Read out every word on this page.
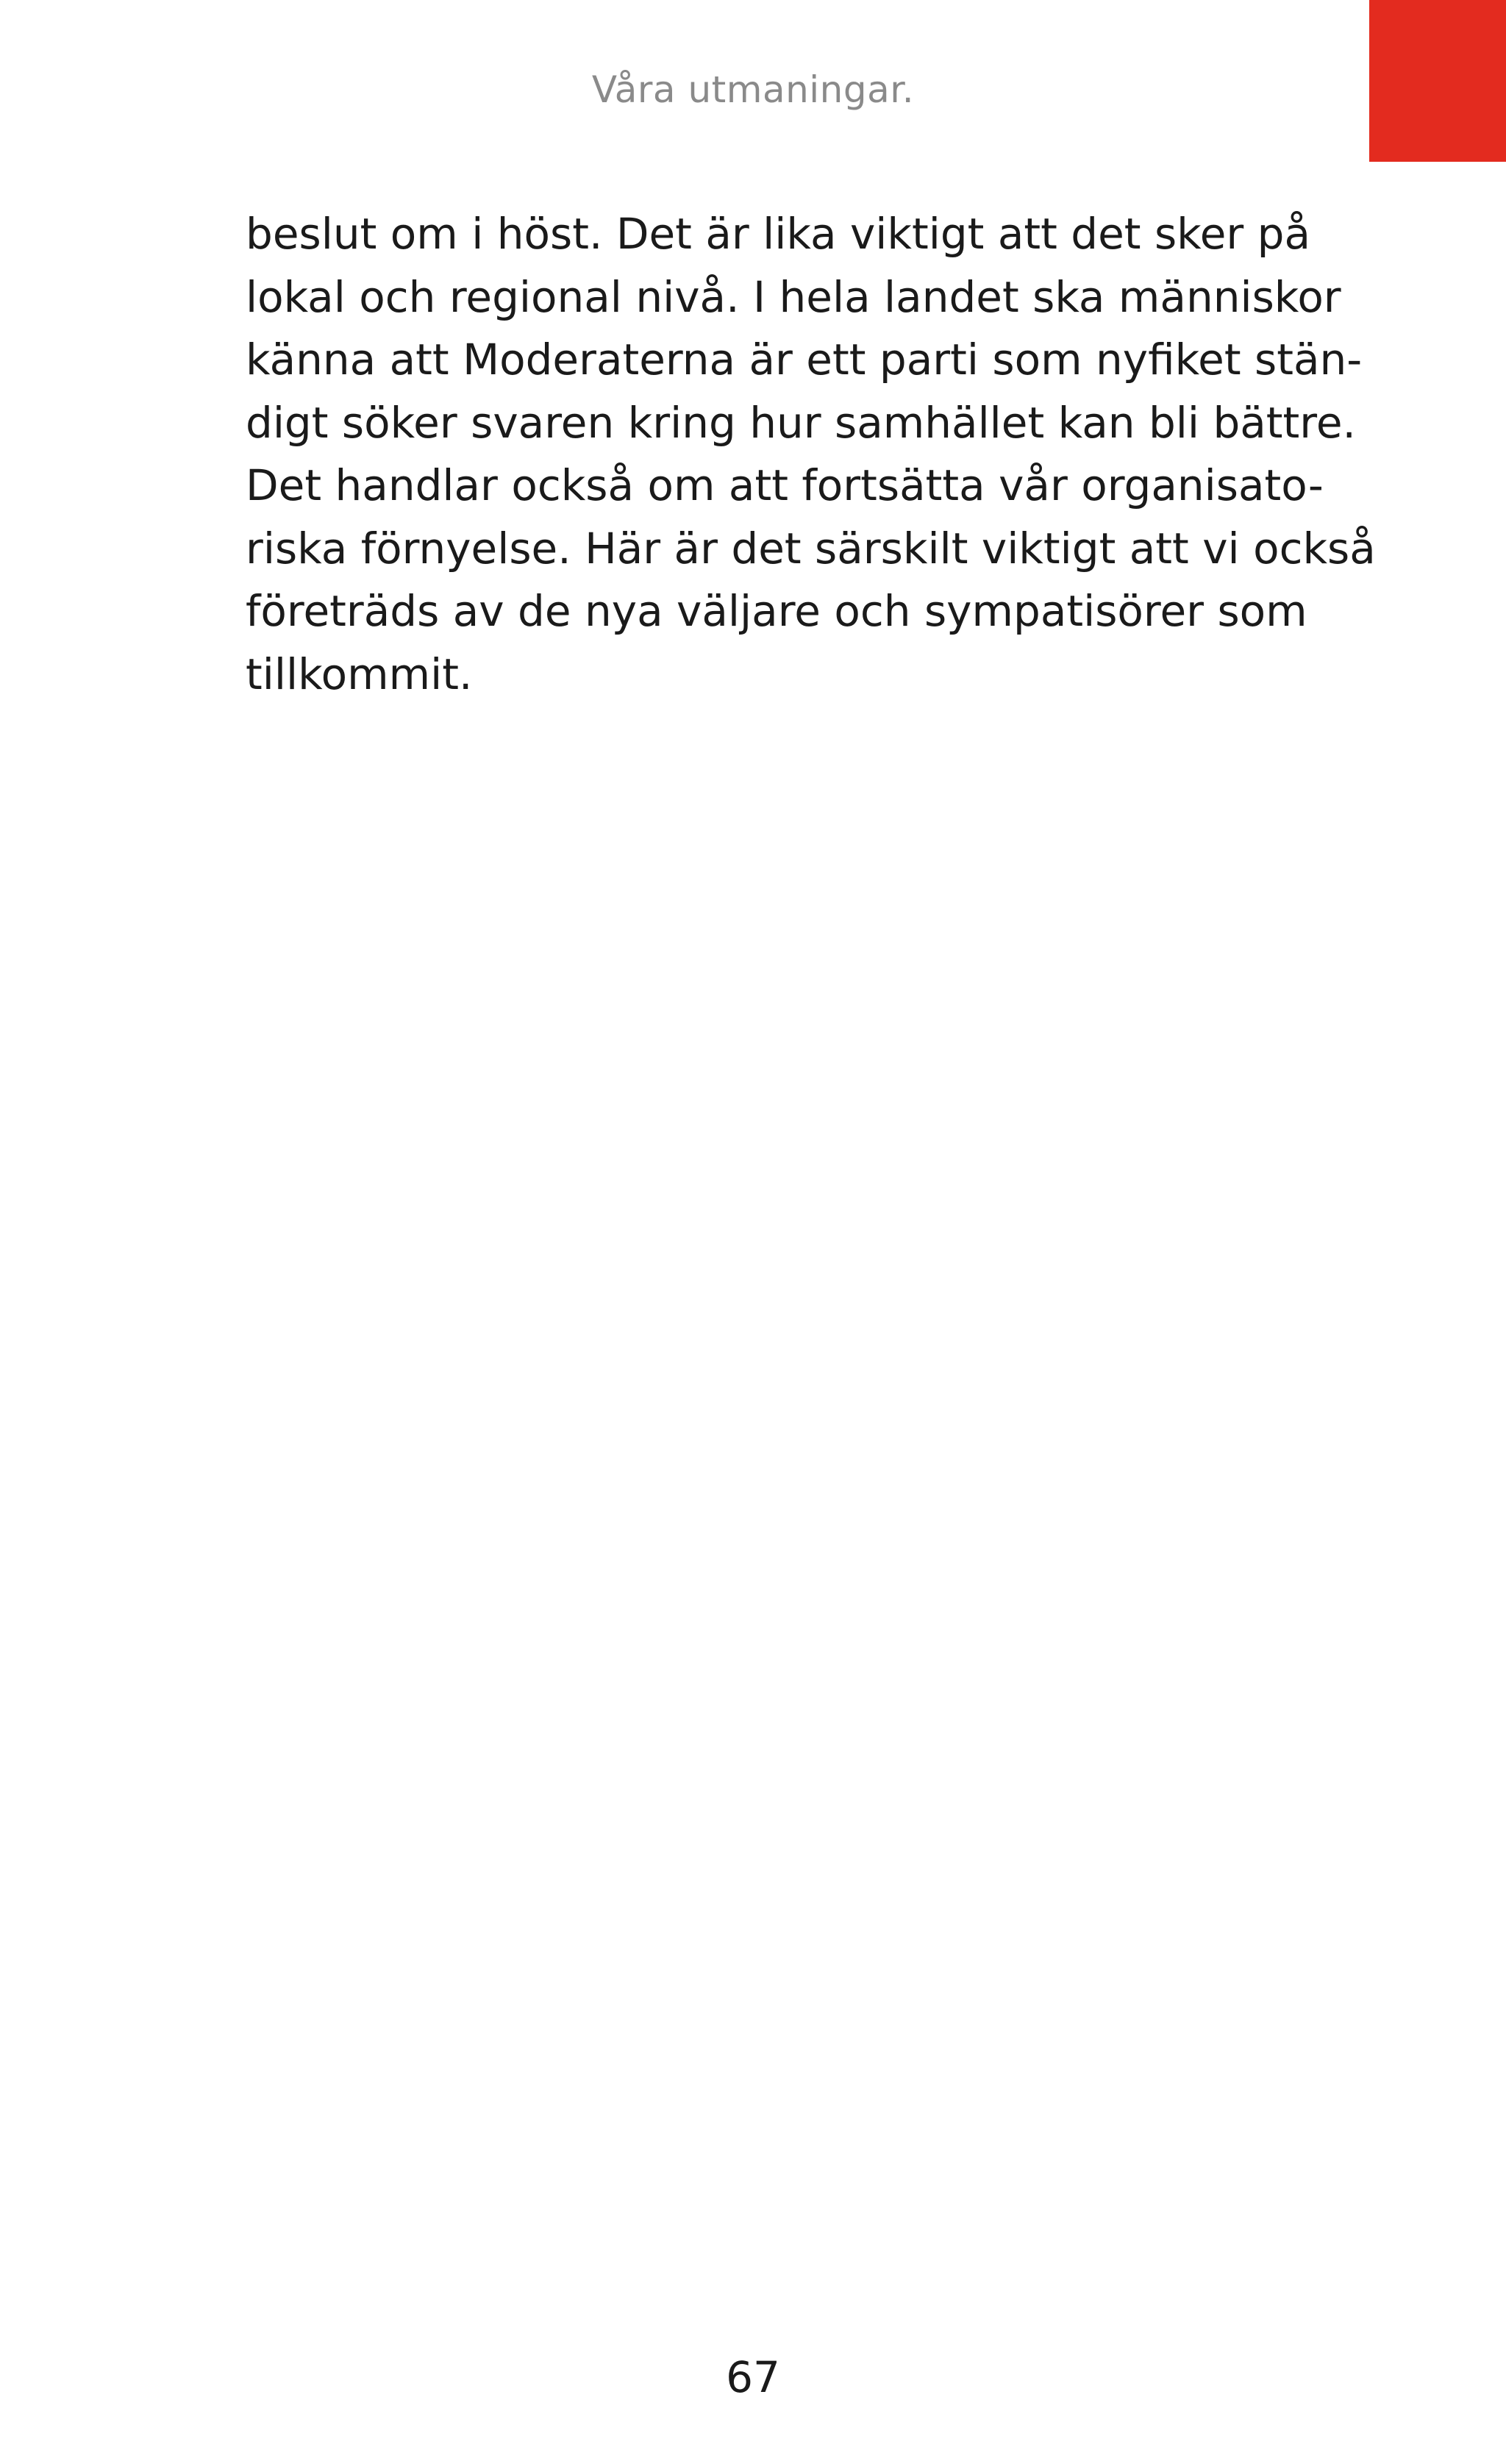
Våra utmaningar.

beslut om i höst. Det är lika viktigt att det sker på
lokal och regional nivå. I hela landet ska människor
känna att Moderaterna är ett parti som nyfiket stän-
digt söker svaren kring hur samhället kan bli bättre.
Det handlar också om att fortsätta vår organisato-
riska förnyelse. Här är det särskilt viktigt att vi också
företräds av de nya väljare och sympatisörer som
tillkommit.

67
